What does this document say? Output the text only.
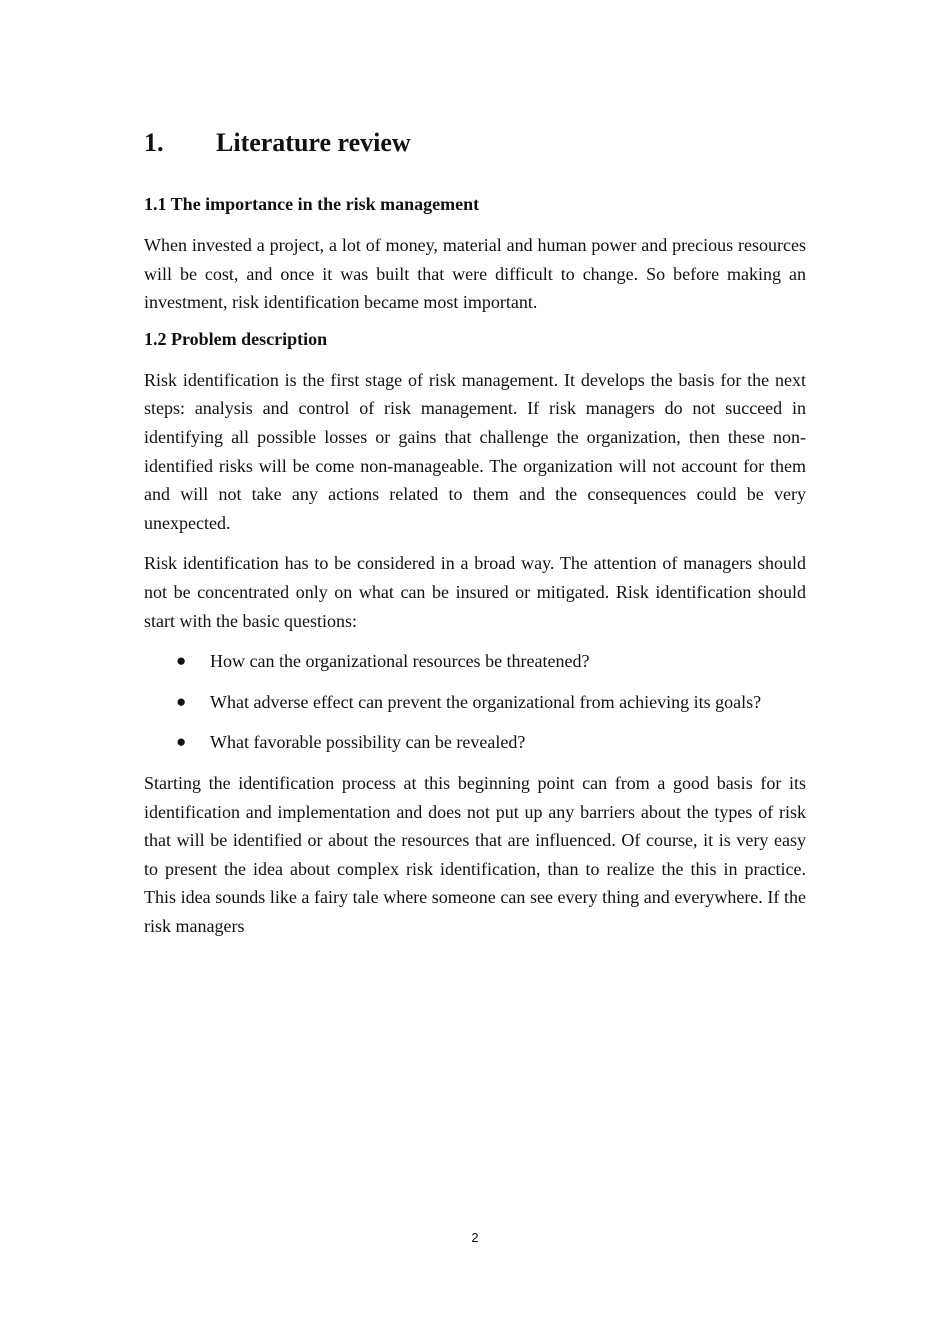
1.	Literature review
1.1 The importance in the risk management

When invested a project, a lot of money, material and human power and precious resources will be cost, and once it was built that were difficult to change. So before making an investment, risk identification became most important.

1.2 Problem description

Risk identification is the first stage of risk management. It develops the basis for the next steps: analysis and control of risk management. If risk managers do not succeed in identifying all possible losses or gains that challenge the organization, then these non-identified risks will be come non-manageable. The organization will not account for them and will not take any actions related to them and the consequences could be very unexpected.

Risk identification has to be considered in a broad way. The attention of managers should not be concentrated only on what can be insured or mitigated. Risk identification should start with the basic questions:

● How can the organizational resources be threatened?
● What adverse effect can prevent the organizational from achieving its goals?
● What favorable possibility can be revealed?

Starting the identification process at this beginning point can from a good basis for its identification and implementation and does not put up any barriers about the types of risk that will be identified or about the resources that are influenced. Of course, it is very easy to present the idea about complex risk identification, than to realize the this in practice. This idea sounds like a fairy tale where someone can see every thing and everywhere. If the risk managers

2
